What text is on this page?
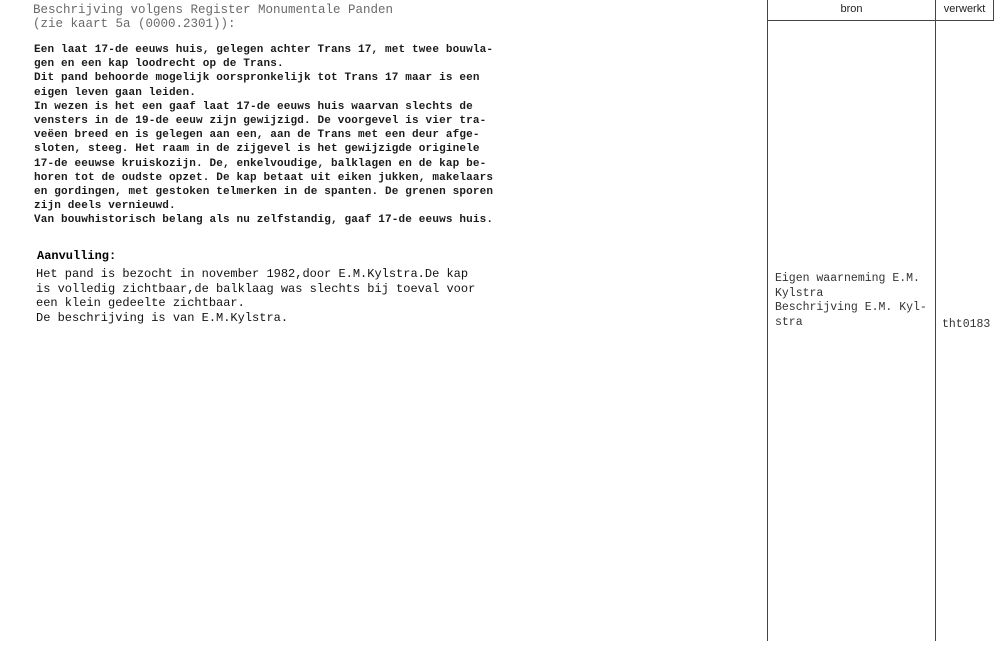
Beschrijving volgens Register Monumentale Panden
(zie kaart 5a (0000.2301)):
Een laat 17-de eeuws huis, gelegen achter Trans 17, met twee bouwla-
gen en een kap loodrecht op de Trans.
Dit pand behoorde mogelijk oorspronkelijk tot Trans 17 maar is een
eigen leven gaan leiden.
In wezen is het een gaaf laat 17-de eeuws huis waarvan slechts de
vensters in de 19-de eeuw zijn gewijzigd. De voorgevel is vier tra-
veëen breed en is gelegen aan een, aan de Trans met een deur afge-
sloten, steeg. Het raam in de zijgevel is het gewijzigde originele
17-de eeuwse kruiskozijn. De, enkelvoudige, balklagen en de kap be-
horen tot de oudste opzet. De kap betaat uit eiken jukken, makelaars
en gordingen, met gestoken telmerken in de spanten. De grenen sporen
zijn deels vernieuwd.
Van bouwhistorisch belang als nu zelfstandig, gaaf 17-de eeuws huis.
Aanvulling:
Het pand is bezocht in november 1982,door E.M.Kylstra.De kap
is volledig zichtbaar,de balklaag was slechts bij toeval voor
een klein gedeelte zichtbaar.
De beschrijving is van E.M.Kylstra.
bron	verwerkt
Eigen waarneming E.M.
Kylstra
Beschrijving E.M. Kyl-
stra	tht0183
